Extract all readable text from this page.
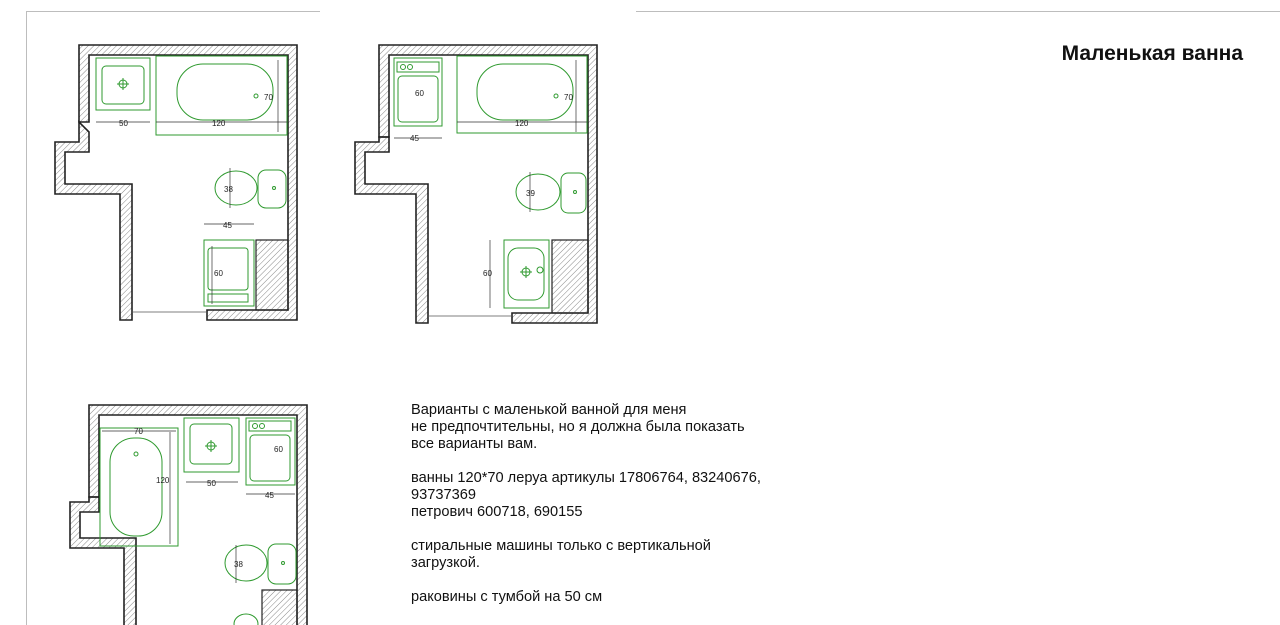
Маленькая ванна
50	120
70
38
45
60
45
60
120
70
39
60
70
120	50
60
45
38

Варианты с маленькой ванной для меня
не предпочтительны, но я должна была показать
все варианты вам.

ванны 120*70 леруа артикулы 17806764, 83240676,
93737369
петрович 600718, 690155

стиральные машины только с вертикальной
загрузкой.

раковины с тумбой на 50 см
